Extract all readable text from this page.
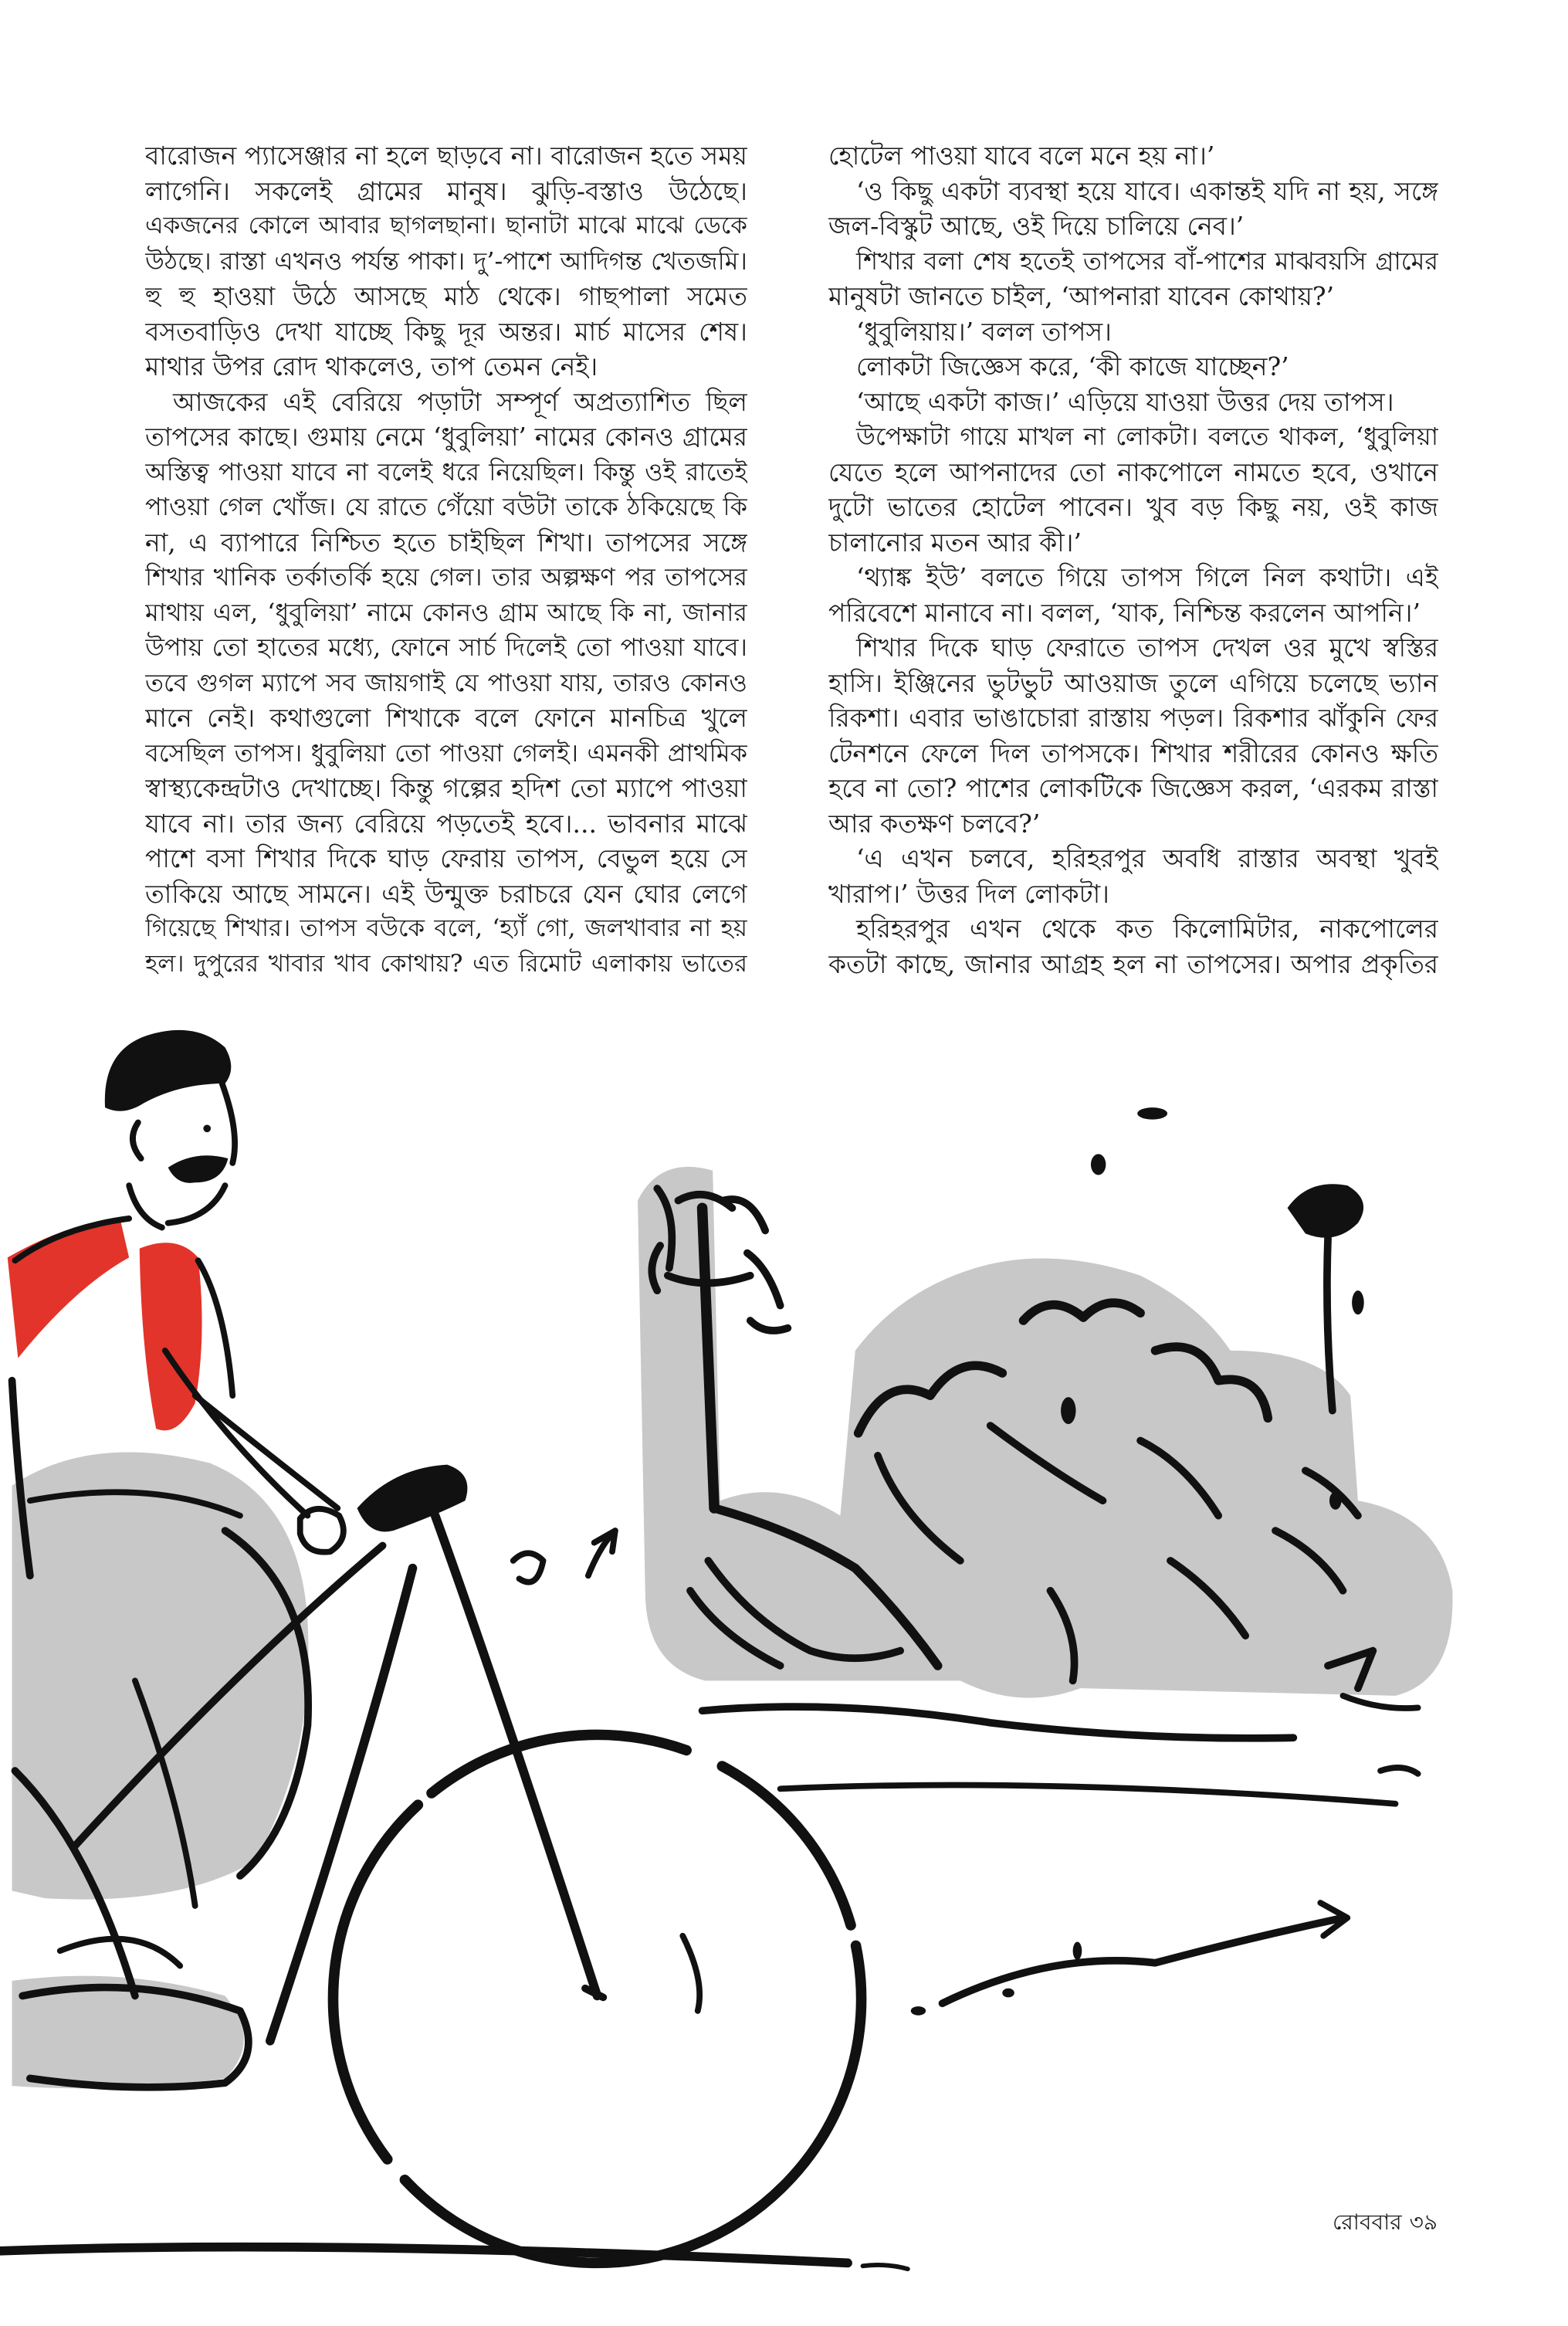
বারোজন প্যাসেঞ্জার না হলে ছাড়বে না। বারোজন হতে সময়
লাগেনি। সকলেই গ্রামের মানুষ। ঝুড়ি-বস্তাও উঠেছে।
একজনের কোলে আবার ছাগলছানা। ছানাটা মাঝে মাঝে ডেকে
উঠছে। রাস্তা এখনও পর্যন্ত পাকা। দু’-পাশে আদিগন্ত খেতজমি।
হু হু হাওয়া উঠে আসছে মাঠ থেকে। গাছপালা সমেত
বসতবাড়িও দেখা যাচ্ছে কিছু দূর অন্তর। মার্চ মাসের শেষ।
মাথার উপর রোদ থাকলেও, তাপ তেমন নেই।
আজকের এই বেরিয়ে পড়াটা সম্পূর্ণ অপ্রত্যাশিত ছিল
তাপসের কাছে। গুমায় নেমে ‘ধুবুলিয়া’ নামের কোনও গ্রামের
অস্তিত্ব পাওয়া যাবে না বলেই ধরে নিয়েছিল। কিন্তু ওই রাতেই
পাওয়া গেল খোঁজ। যে রাতে গেঁয়ো বউটা তাকে ঠকিয়েছে কি
না, এ ব্যাপারে নিশ্চিত হতে চাইছিল শিখা। তাপসের সঙ্গে
শিখার খানিক তর্কাতর্কি হয়ে গেল। তার অল্পক্ষণ পর তাপসের
মাথায় এল, ‘ধুবুলিয়া’ নামে কোনও গ্রাম আছে কি না, জানার
উপায় তো হাতের মধ্যে, ফোনে সার্চ দিলেই তো পাওয়া যাবে।
তবে গুগল ম্যাপে সব জায়গাই যে পাওয়া যায়, তারও কোনও
মানে নেই। কথাগুলো শিখাকে বলে ফোনে মানচিত্র খুলে
বসেছিল তাপস। ধুবুলিয়া তো পাওয়া গেলই। এমনকী প্রাথমিক
স্বাস্থ্যকেন্দ্রটাও দেখাচ্ছে। কিন্তু গল্পের হদিশ তো ম্যাপে পাওয়া
যাবে না। তার জন্য বেরিয়ে পড়তেই হবে।... ভাবনার মাঝে
পাশে বসা শিখার দিকে ঘাড় ফেরায় তাপস, বেভুল হয়ে সে
তাকিয়ে আছে সামনে। এই উন্মুক্ত চরাচরে যেন ঘোর লেগে
গিয়েছে শিখার। তাপস বউকে বলে, ‘হ্যাঁ গো, জলখাবার না হয়
হল। দুপুরের খাবার খাব কোথায়? এত রিমোট এলাকায় ভাতের
হোটেল পাওয়া যাবে বলে মনে হয় না।’
‘ও কিছু একটা ব্যবস্থা হয়ে যাবে। একান্তই যদি না হয়, সঙ্গে
জল-বিস্কুট আছে, ওই দিয়ে চালিয়ে নেব।’
শিখার বলা শেষ হতেই তাপসের বাঁ-পাশের মাঝবয়সি গ্রামের
মানুষটা জানতে চাইল, ‘আপনারা যাবেন কোথায়?’
‘ধুবুলিয়ায়।’ বলল তাপস।
লোকটা জিজ্ঞেস করে, ‘কী কাজে যাচ্ছেন?’
‘আছে একটা কাজ।’ এড়িয়ে যাওয়া উত্তর দেয় তাপস।
উপেক্ষাটা গায়ে মাখল না লোকটা। বলতে থাকল, ‘ধুবুলিয়া
যেতে হলে আপনাদের তো নাকপোলে নামতে হবে, ওখানে
দুটো ভাতের হোটেল পাবেন। খুব বড় কিছু নয়, ওই কাজ
চালানোর মতন আর কী।’
‘থ্যাঙ্ক ইউ’ বলতে গিয়ে তাপস গিলে নিল কথাটা। এই
পরিবেশে মানাবে না। বলল, ‘যাক, নিশ্চিন্ত করলেন আপনি।’
শিখার দিকে ঘাড় ফেরাতে তাপস দেখল ওর মুখে স্বস্তির
হাসি। ইঞ্জিনের ভুটভুট আওয়াজ তুলে এগিয়ে চলেছে ভ্যান
রিকশা। এবার ভাঙাচোরা রাস্তায় পড়ল। রিকশার ঝাঁকুনি ফের
টেনশনে ফেলে দিল তাপসকে। শিখার শরীরের কোনও ক্ষতি
হবে না তো? পাশের লোকটিকে জিজ্ঞেস করল, ‘এরকম রাস্তা
আর কতক্ষণ চলবে?’
‘এ এখন চলবে, হরিহরপুর অবধি রাস্তার অবস্থা খুবই
খারাপ।’ উত্তর দিল লোকটা।
হরিহরপুর এখন থেকে কত কিলোমিটার, নাকপোলের
কতটা কাছে, জানার আগ্রহ হল না তাপসের। অপার প্রকৃতির
রোববার ৩৯
